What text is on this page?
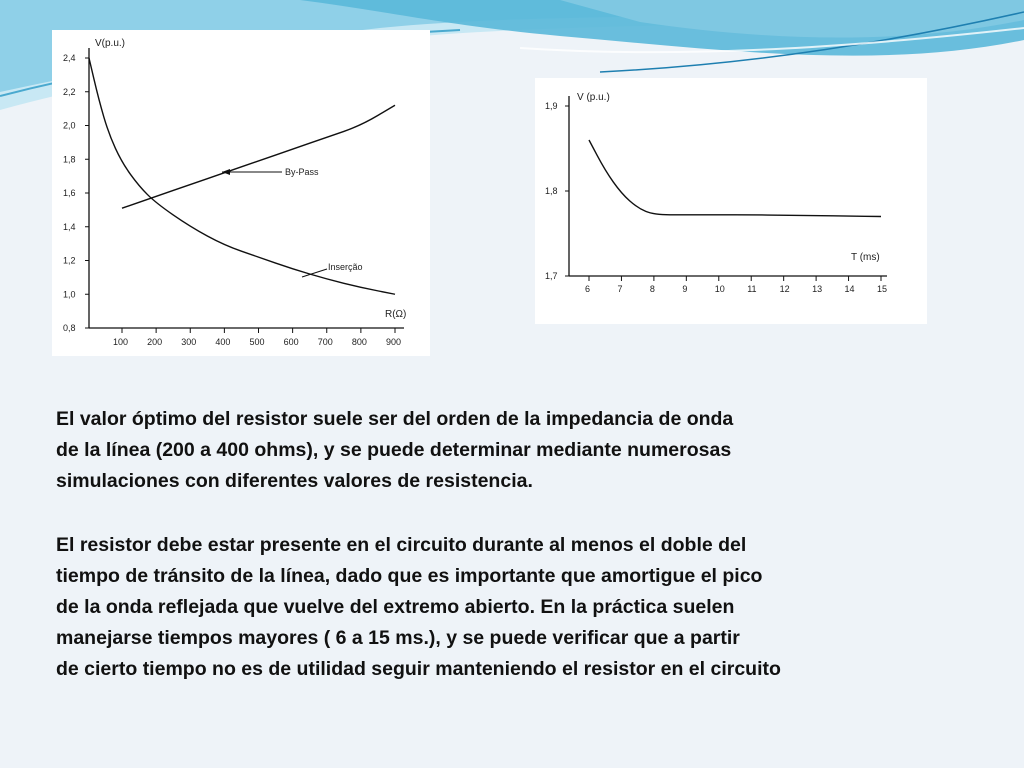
V(p.u.)
R(Ω)
0,8
1,0
1,2
1,4
1,6
1,8
2,0
2,2
2,4
100 200 300 400 500 600 700 800 900
By-Pass
Inserção
V (p.u.)
T (ms)
1,7
1,8
1,9
6	7	8	9	10 11	12 13 14 15
El valor óptimo del resistor suele ser del orden de la impedancia de onda
de la línea (200 a 400 ohms), y se puede determinar mediante numerosas
simulaciones con diferentes valores de resistencia.
El resistor debe estar presente en el circuito durante al menos el doble del
tiempo de tránsito de la línea, dado que es importante que amortigue el pico
de la onda reflejada que vuelve del extremo abierto. En la práctica suelen
manejarse tiempos mayores ( 6 a 15 ms.), y se puede verificar que a partir
de cierto tiempo no es de utilidad seguir manteniendo el resistor en el circuito
